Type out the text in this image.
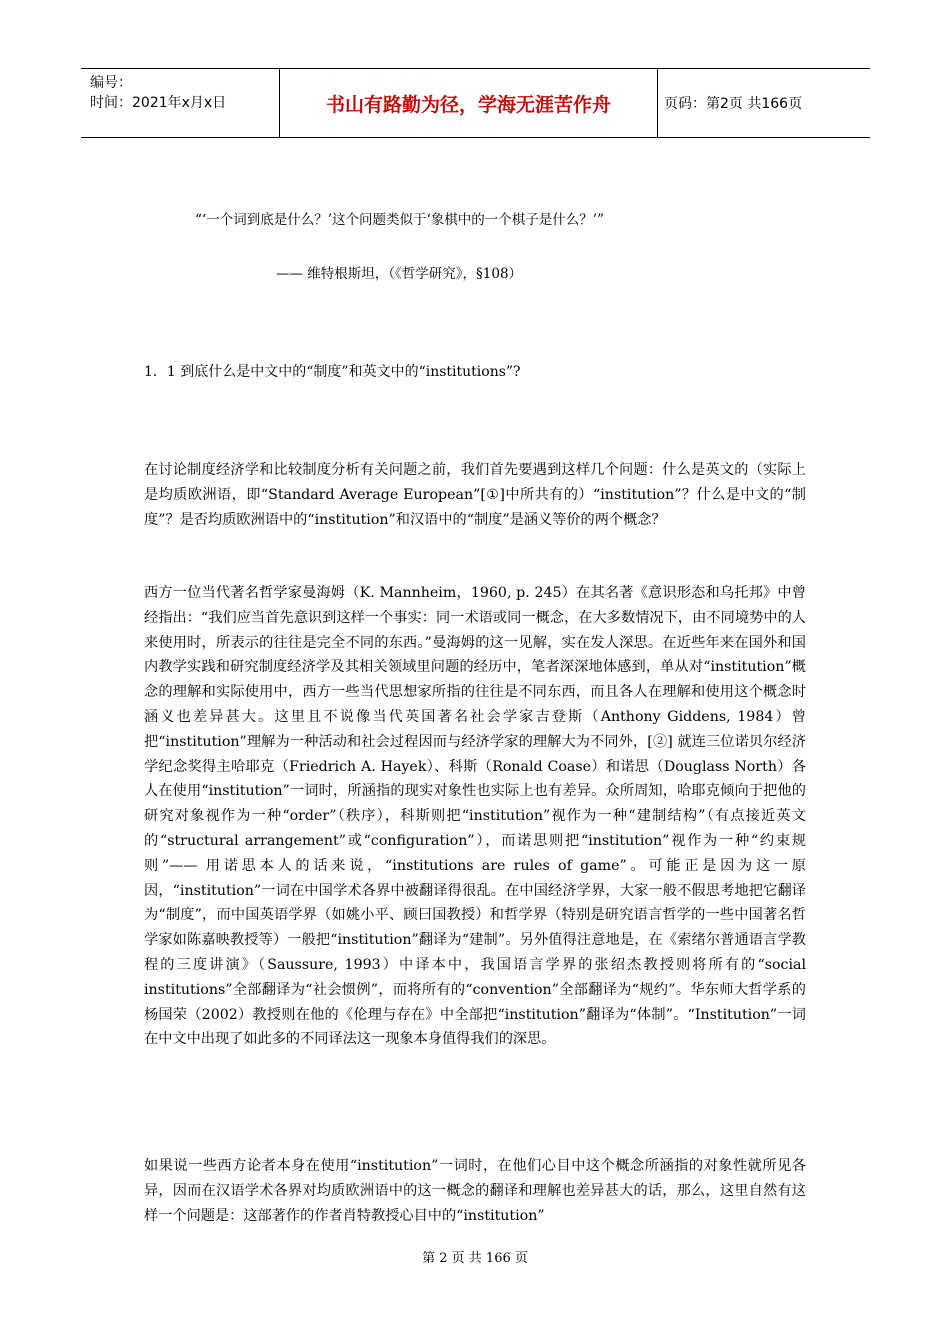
编号：
时间：2021年x月x日	书山有路勤为径，学海无涯苦作舟	页码：第2页 共166页
“‘一个词到底是什么？’这个问题类似于‘象棋中的一个棋子是什么？’”
—— 维特根斯坦，（《哲学研究》，§108）
1．1 到底什么是中文中的“制度”和英文中的“institutions”?

在讨论制度经济学和比较制度分析有关问题之前，我们首先要遇到这样几个问题：什么是英文的（实际上是均质欧洲语，即“Standard Average European”[①]中所共有的）“institution”？什么是中文的“制度”？是否均质欧洲语中的“institution”和汉语中的“制度”是涵义等价的两个概念？

西方一位当代著名哲学家曼海姆（K. Mannheim，1960, p. 245）在其名著《意识形态和乌托邦》中曾经指出：“我们应当首先意识到这样一个事实：同一术语或同一概念，在大多数情况下，由不同境势中的人来使用时，所表示的往往是完全不同的东西。”曼海姆的这一见解，实在发人深思。在近些年来在国外和国内教学实践和研究制度经济学及其相关领域里问题的经历中，笔者深深地体感到，单从对“institution”概念的理解和实际使用中，西方一些当代思想家所指的往往是不同东西，而且各人在理解和使用这个概念时涵义也差异甚大。这里且不说像当代英国著名社会学家吉登斯（Anthony Giddens, 1984）曾把“institution”理解为一种活动和社会过程因而与经济学家的理解大为不同外，[②] 就连三位诺贝尔经济学纪念奖得主哈耶克（Friedrich A. Hayek）、科斯（Ronald Coase）和诺思（Douglass North）各人在使用“institution”一词时，所涵指的现实对象性也实际上也有差异。众所周知，哈耶克倾向于把他的研究对象视作为一种“order”（秩序），科斯则把“institution”视作为一种“建制结构”（有点接近英文的“structural arrangement”或“configuration”），而诺思则把“institution”视作为一种“约束规则”—— 用诺思本人的话来说，“institutions are rules of game”。可能正是因为这一原因，“institution”一词在中国学术各界中被翻译得很乱。在中国经济学界，大家一般不假思考地把它翻译为“制度”，而中国英语学界（如姚小平、顾曰国教授）和哲学界（特别是研究语言哲学的一些中国著名哲学家如陈嘉映教授等）一般把“institution”翻译为“建制”。另外值得注意地是，在《索绪尔普通语言学教程的三度讲演》（Saussure, 1993）中译本中，我国语言学界的张绍杰教授则将所有的“social institutions”全部翻译为“社会惯例”，而将所有的“convention”全部翻译为“规约”。华东师大哲学系的杨国荣（2002）教授则在他的《伦理与存在》中全部把“institution”翻译为“体制”。“Institution”一词在中文中出现了如此多的不同译法这一现象本身值得我们的深思。

如果说一些西方论者本身在使用“institution”一词时，在他们心目中这个概念所涵指的对象性就所见各异，因而在汉语学术各界对均质欧洲语中的这一概念的翻译和理解也差异甚大的话，那么，这里自然有这样一个问题是：这部著作的作者肖特教授心目中的“institution”

第 2 页 共 166 页
